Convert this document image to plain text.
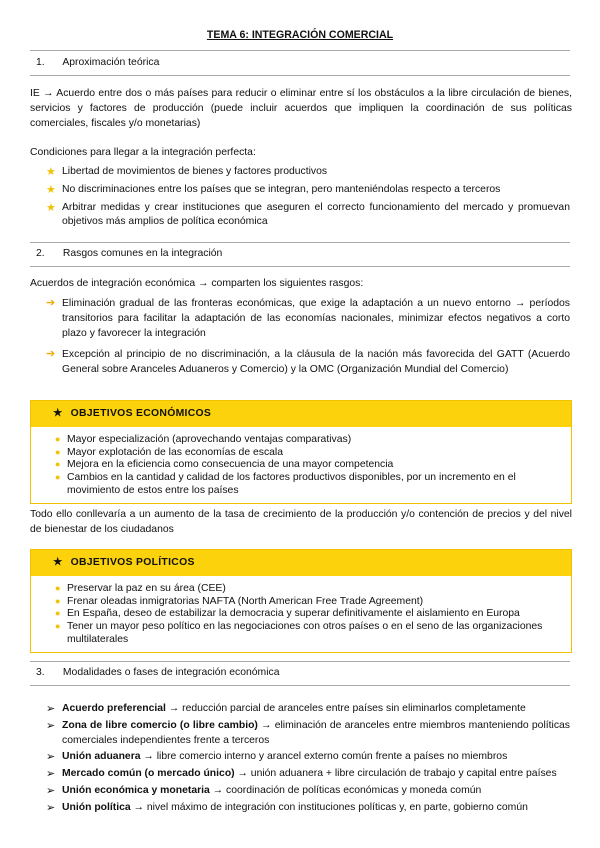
TEMA 6: INTEGRACIÓN COMERCIAL
1. Aproximación teórica
IE → Acuerdo entre dos o más países para reducir o eliminar entre sí los obstáculos a la libre circulación de bienes, servicios y factores de producción (puede incluir acuerdos que impliquen la coordinación de sus políticas comerciales, fiscales y/o monetarias)
Condiciones para llegar a la integración perfecta:
★ Libertad de movimientos de bienes y factores productivos
★ No discriminaciones entre los países que se integran, pero manteniéndolas respecto a terceros
★ Arbitrar medidas y crear instituciones que aseguren el correcto funcionamiento del mercado y promuevan objetivos más amplios de política económica
2. Rasgos comunes en la integración
Acuerdos de integración económica → comparten los siguientes rasgos:
➔ Eliminación gradual de las fronteras económicas, que exige la adaptación a un nuevo entorno → períodos transitorios para facilitar la adaptación de las economías nacionales, minimizar efectos negativos a corto plazo y favorecer la integración
➔ Excepción al principio de no discriminación, a la cláusula de la nación más favorecida del GATT (Acuerdo General sobre Aranceles Aduaneros y Comercio) y la OMC (Organización Mundial del Comercio)
★ OBJETIVOS ECONÓMICOS
● Mayor especialización (aprovechando ventajas comparativas)
● Mayor explotación de las economías de escala
● Mejora en la eficiencia como consecuencia de una mayor competencia
● Cambios en la cantidad y calidad de los factores productivos disponibles, por un incremento en el movimiento de estos entre los países
Todo ello conllevaría a un aumento de la tasa de crecimiento de la producción y/o contención de precios y del nivel de bienestar de los ciudadanos
★ OBJETIVOS POLÍTICOS
● Preservar la paz en su área (CEE)
● Frenar oleadas inmigratorias NAFTA (North American Free Trade Agreement)
● En España, deseo de estabilizar la democracia y superar definitivamente el aislamiento en Europa
● Tener un mayor peso político en las negociaciones con otros países o en el seno de las organizaciones multilaterales
3. Modalidades o fases de integración económica
➢ Acuerdo preferencial → reducción parcial de aranceles entre países sin eliminarlos completamente
➢ Zona de libre comercio (o libre cambio) → eliminación de aranceles entre miembros manteniendo políticas comerciales independientes frente a terceros
➢ Unión aduanera → libre comercio interno y arancel externo común frente a países no miembros
➢ Mercado común (o mercado único) → unión aduanera + libre circulación de trabajo y capital entre países
➢ Unión económica y monetaria → coordinación de políticas económicas y moneda común
➢ Unión política → nivel máximo de integración con instituciones políticas y, en parte, gobierno común
